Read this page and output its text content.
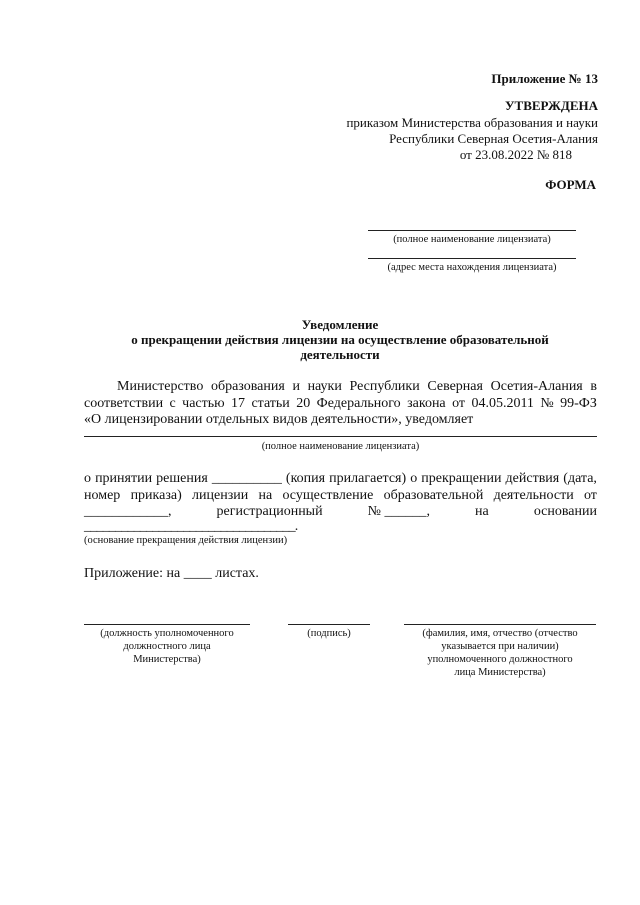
Приложение № 13
УТВЕРЖДЕНА
приказом Министерства образования и науки
Республики Северная Осетия-Алания
от 23.08.2022 № 818
ФОРМА
(полное наименование лицензиата)
(адрес места нахождения лицензиата)
Уведомление
о прекращении действия лицензии на осуществление образовательной
деятельности
Министерство образования и науки Республики Северная Осетия-Алания в
соответствии с частью 17 статьи 20 Федерального закона от 04.05.2011 № 99-ФЗ
«О лицензировании отдельных видов деятельности», уведомляет
(полное наименование лицензиата)
о принятии решения __________ (копия прилагается) о прекращении действия (дата,
номер приказа) лицензии на осуществление образовательной деятельности от
____________,	регистрационный	№ ______,	на	основании
__________________________________.
(основание прекращения действия лицензии)
Приложение: на ____ листах.
(должность уполномоченного
должностного лица
Министерства)
(подпись)	(фамилия, имя, отчество (отчество
указывается при наличии)
уполномоченного должностного
лица Министерства)
